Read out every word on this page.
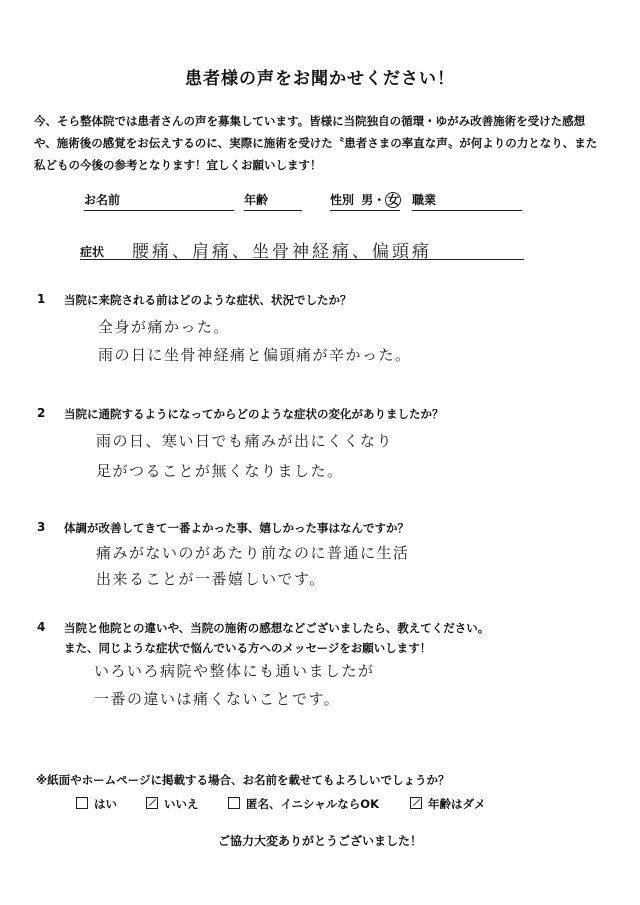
患者様の声をお聞かせください！
今、そら整体院では患者さんの声を募集しています。皆様に当院独自の循環・ゆがみ改善施術を受けた感想や、施術後の感覚をお伝えするのに、実際に施術を受けた〝患者さまの率直な声〟が何よりの力となり、また私どもの今後の参考となります！宜しくお願いします！
お名前	年齢	性別 男・ 女 職業
症状 腰痛、肩痛、坐骨神経痛、偏頭痛
1 当院に来院される前はどのような症状、状況でしたか？
全身が痛かった。
雨の日に坐骨神経痛と偏頭痛が辛かった。
2 当院に通院するようになってからどのような症状の変化がありましたか？
雨の日、寒い日でも痛みが出にくくなり
足がつることが無くなりました。
3 体調が改善してきて一番よかった事、嬉しかった事はなんですか？
痛みがないのがあたり前なのに普通に生活
出来ることが一番嬉しいです。
4 当院と他院との違いや、当院の施術の感想などございましたら、教えてください。
また、同じような症状で悩んでいる方へのメッセージをお願いします！
いろいろ病院や整体にも通いましたが
一番の違いは痛くないことです。
※紙面やホームページに掲載する場合、お名前を載せてもよろしいでしょうか？
はい	いいえ	匿名、イニシャルならOK	年齢はダメ
ご協力大変ありがとうございました！
